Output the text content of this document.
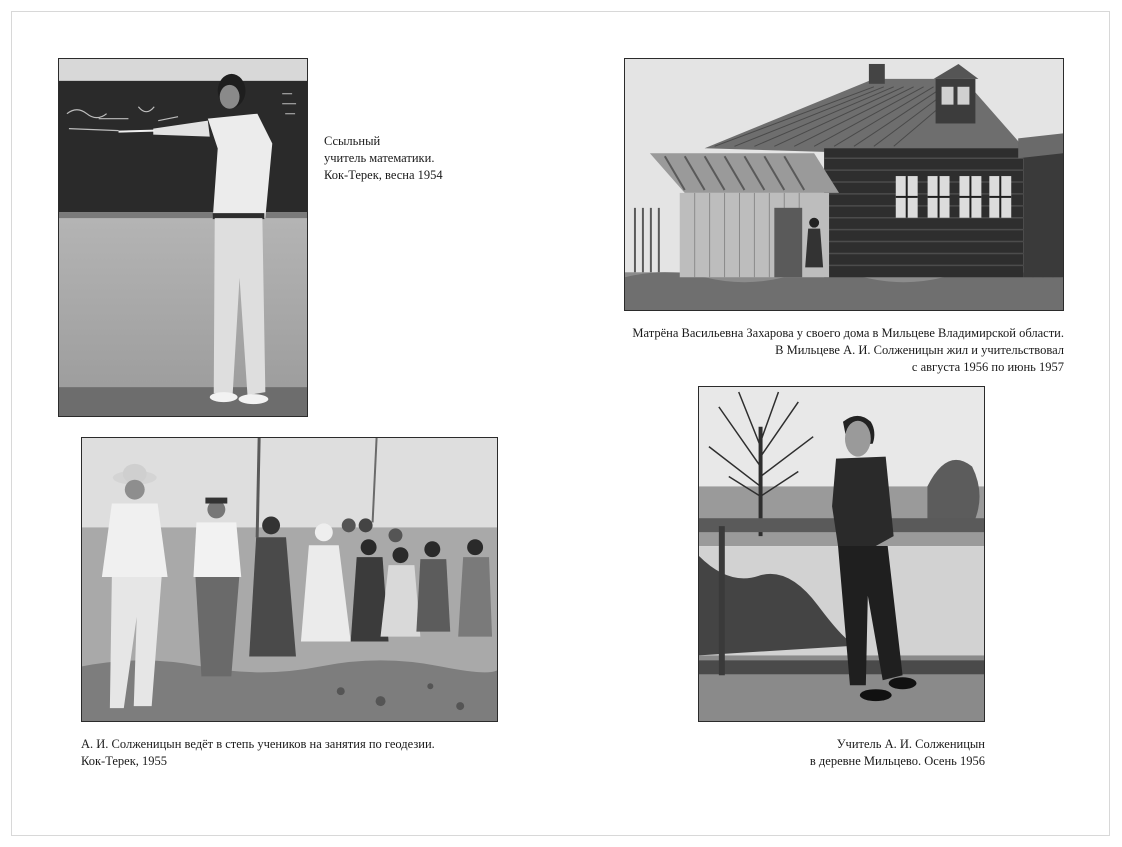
Ссыльный
учитель математики.
Кок-Терек, весна 1954
Матрёна Васильевна Захарова у своего дома в Мильцеве Владимирской области.
В Мильцеве А. И. Солженицын жил и учительствовал
с августа 1956 по июнь 1957
А. И. Солженицын ведёт в степь учеников на занятия по геодезии.
Кок-Терек, 1955
Учитель А. И. Солженицын
в деревне Мильцево. Осень 1956
